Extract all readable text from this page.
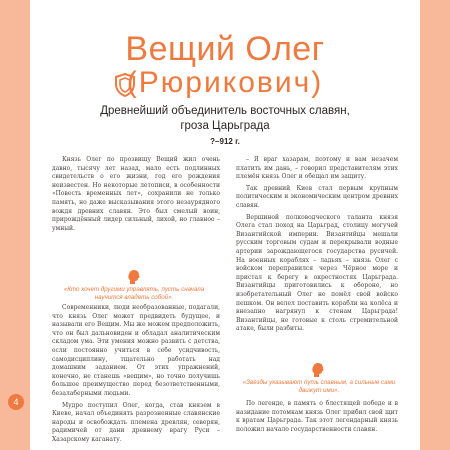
Вещий Олег
(Рюрикович)
Древнейший объединитель восточных славян,
гроза Царьграда
?–912 г.

Князь Олег по прозвищу Вещий жил очень давно, тысячу лет назад, мало есть подлинных свидетельств о его жизни, год его рождения неизвестен. Но некоторые летописи, в особенности «Повесть временных лет», сохранили не только память, но даже высказывания этого незаурядного вождя древних славян. Это был смелый воин, прирождённый лидер сильный, лихой, но главное – умный.

«Кто хочет другими управлять, пусть сначала научится владеть собой».

Современники, люди необразованные, подагали, что князь Олег может предвидеть будущее, и называли его Вещим. Мы же можем предположить, что он был дальновиден и обладал аналитическим складом ума. Эти умения можно развить с детства, если постоянно учиться в себе усидчивость, самодисциплину, тщательно работать над домашним заданием. От этих упражнений, конечно, не станешь «вещим», но точно получишь большое преимущество перед безответственными, безалаберными людьми.

Мудро поступил Олег, когда, став князем в Киеве, начал объединять разрозненные славянские народы и освобождать племена древлян, северян, радимичей от дани древнему врагу Руси – Хазарскому каганату.

– Я враг хазарам, поэтому и вам незачем платить им дань, – говорил представителям этих племён князь Олег и обещал им защиту.

Так древний Киев стал первым крупным политическим и экономическим центром древних славян.

Вершиной полководческого таланта князя Олега стал поход на Царьград, столицу могучей Византийской империи. Византийцы мешали русским торговым судам и перекрывали водные артерии зарождающегося государства русичей. На военных кораблях – ладьях – князь Олег с войском переправился через Чёрное море и пристал к берегу в окрестностях Царьграда. Византийцы приготовились к обороне, но изобретательный Олег не помёл свой войско пешком. Он велел поставить корабли на колёса и внезапно нагрянул к стенам Царьграда! Византийцы, не готовые к столь стремительной атаке, были разбиты.

«Звёзды указывают путь славным, а сильные сами движут ими».

По легенде, в память о блестящей победе и в назидание потомкам князь Олег прибил свой щит к вратам Царьграда. Так этот легендарный князь положил начало государственности славян.

4
